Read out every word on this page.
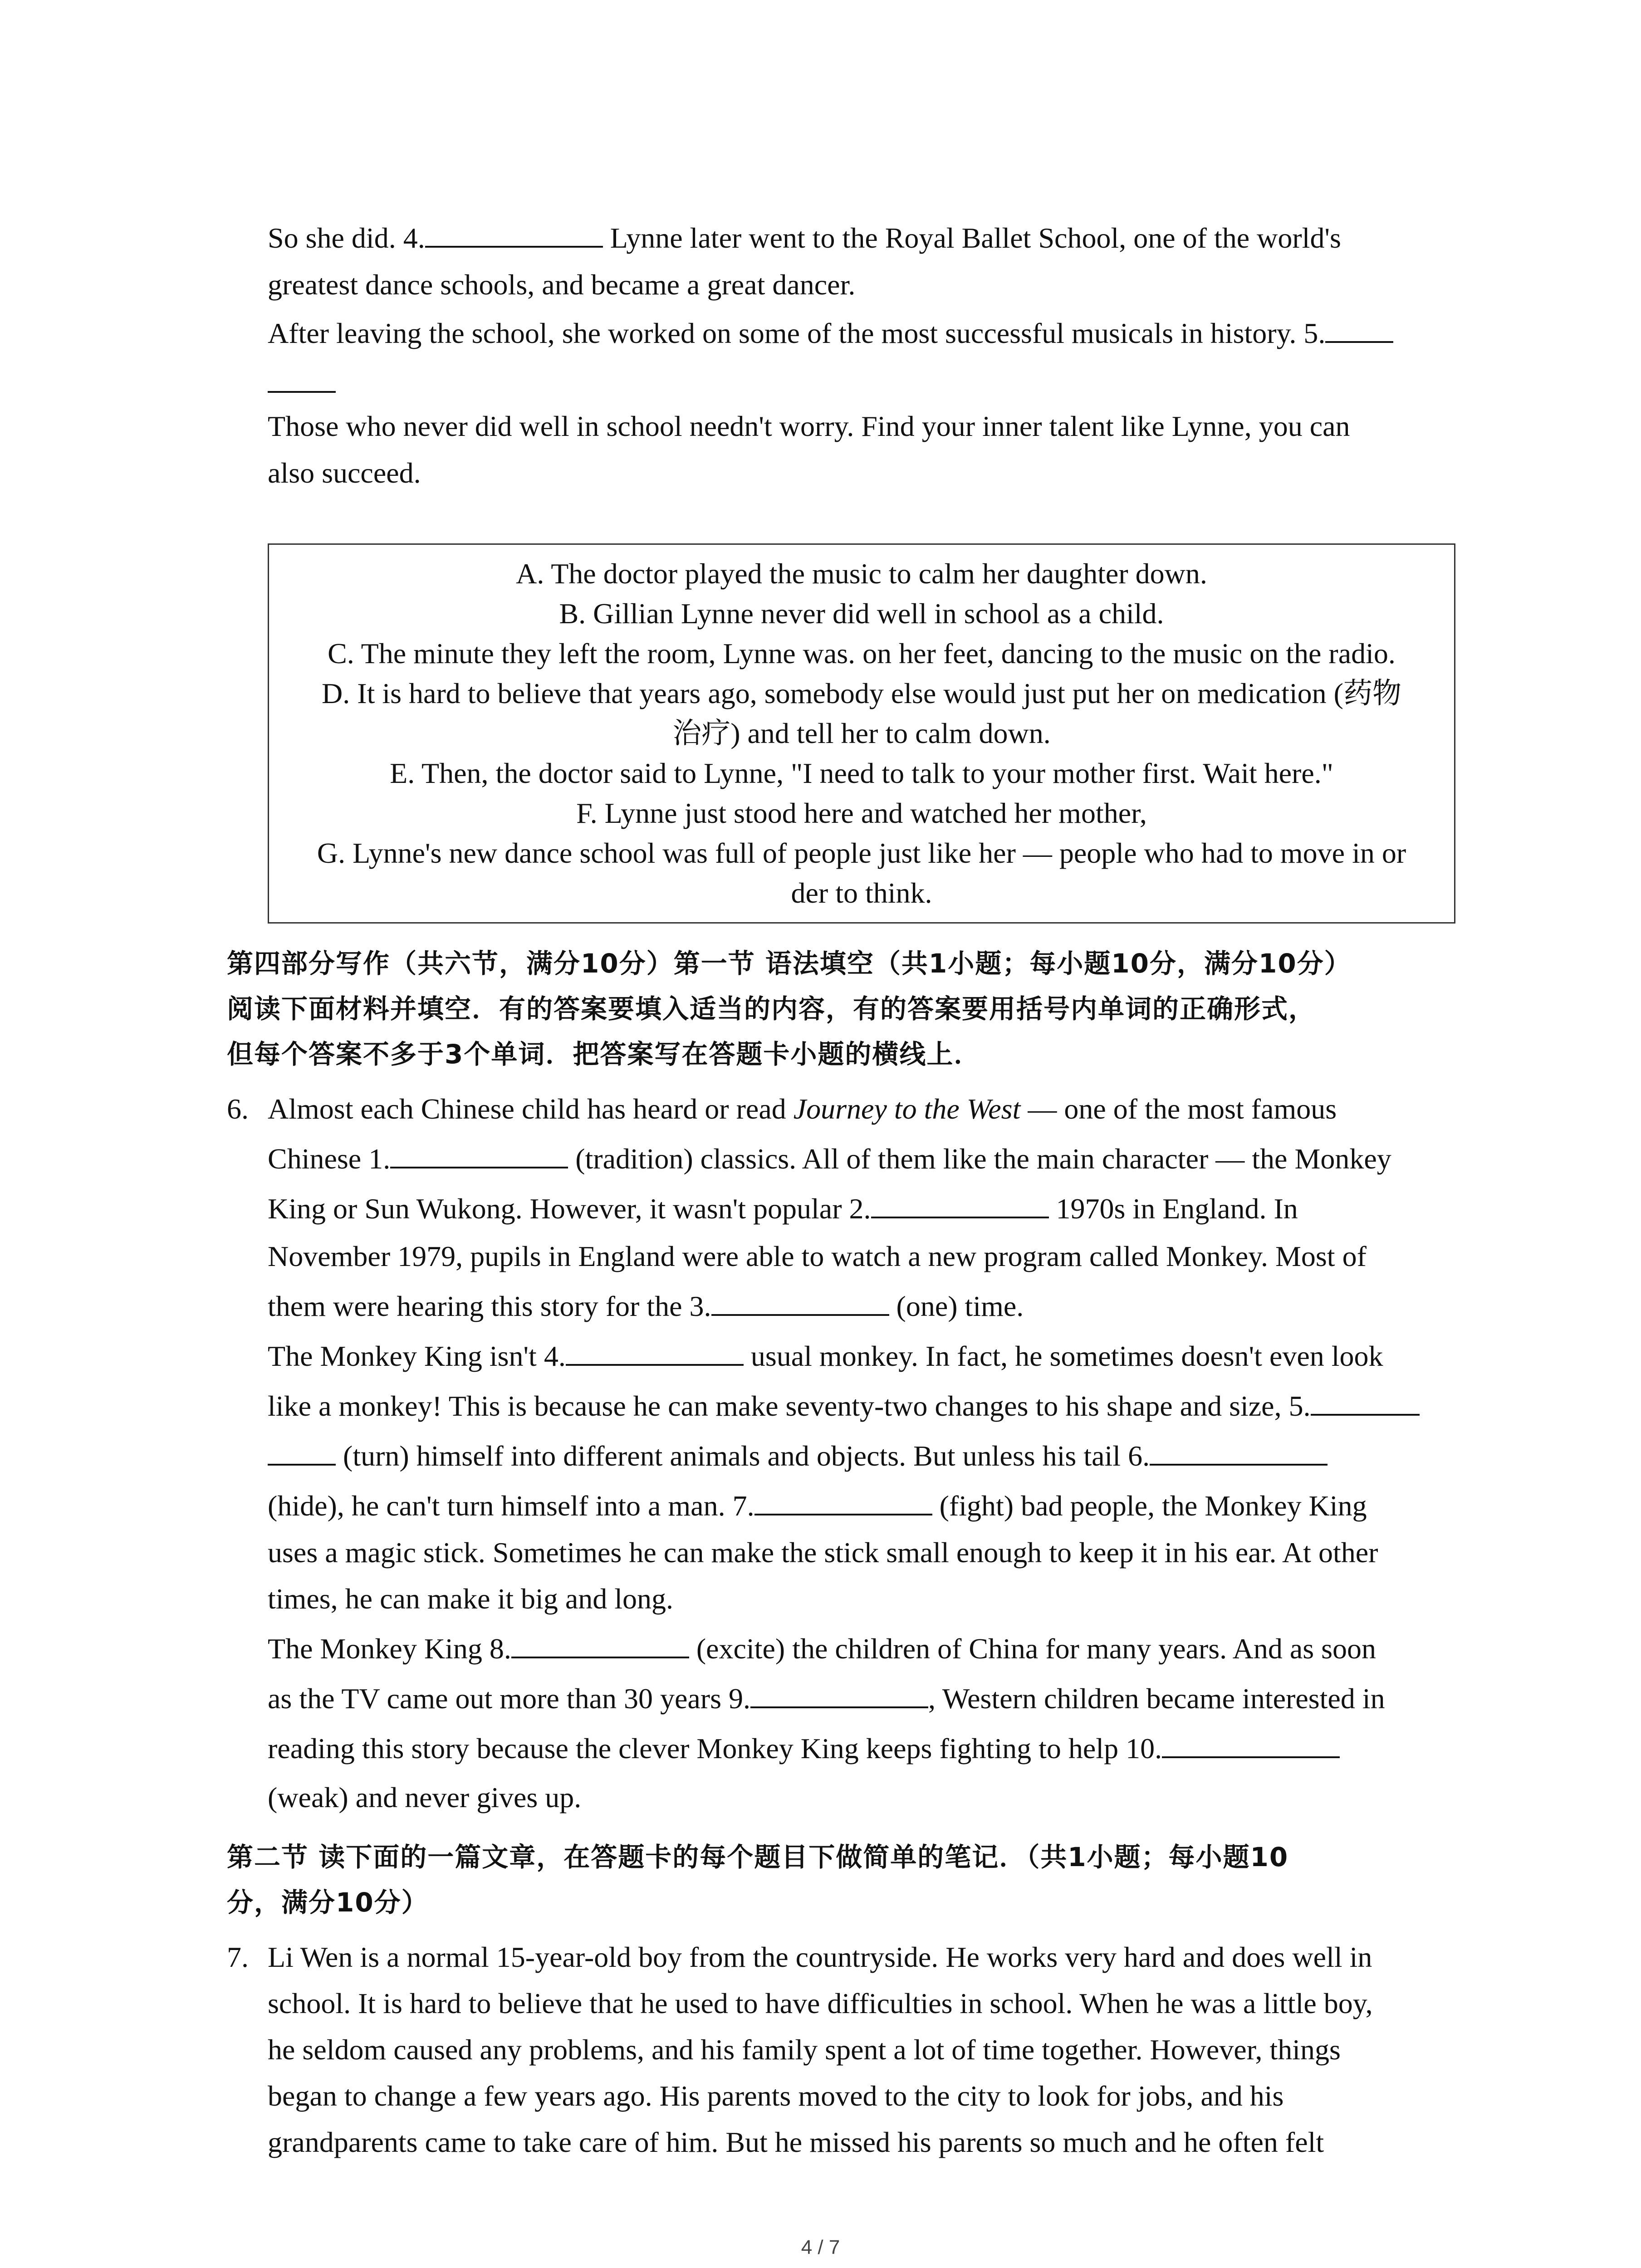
So she did. 4.	Lynne later went to the Royal Ballet School, one of the world's
greatest dance schools, and became a great dancer.
After leaving the school, she worked on some of the most successful musicals in history. 5.
Those who never did well in school needn't worry. Find your inner talent like Lynne, you can
also succeed.
A. The doctor played the music to calm her daughter down.
B. Gillian Lynne never did well in school as a child.
C. The minute they left the room, Lynne was. on her feet, dancing to the music on the radio.
D. It is hard to believe that years ago, somebody else would just put her on medication (药物
治疗) and tell her to calm down.
E. Then, the doctor said to Lynne, "I need to talk to your mother first. Wait here."
F. Lynne just stood here and watched her mother,
G. Lynne's new dance school was full of people just like her — people who had to move in or
der to think.
第四部分写作（共六节，满分10分）第一节 语法填空（共1小题；每小题10分，满分10分）
阅读下面材料并填空．有的答案要填入适当的内容，有的答案要用括号内单词的正确形式，
但每个答案不多于3个单词．把答案写在答题卡小题的横线上．
6. Almost each Chinese child has heard or read Journey to the West — one of the most famous
Chinese 1.	(tradition) classics. All of them like the main character — the Monkey
King or Sun Wukong. However, it wasn't popular 2.	1970s in England. In
November 1979, pupils in England were able to watch a new program called Monkey. Most of
them were hearing this story for the 3.	(one) time.
The Monkey King isn't 4.	usual monkey. In fact, he sometimes doesn't even look
like a monkey! This is because he can make seventy-two changes to his shape and size, 5.
(turn) himself into different animals and objects. But unless his tail 6.
(hide), he can't turn himself into a man. 7.	(fight) bad people, the Monkey King
uses a magic stick. Sometimes he can make the stick small enough to keep it in his ear. At other
times, he can make it big and long.
The Monkey King 8.	(excite) the children of China for many years. And as soon
as the TV came out more than 30 years 9.	, Western children became interested in
reading this story because the clever Monkey King keeps fighting to help 10.
(weak) and never gives up.
第二节 读下面的一篇文章，在答题卡的每个题目下做简单的笔记．（共1小题；每小题10
分，满分10分）
7. Li Wen is a normal 15-year-old boy from the countryside. He works very hard and does well in
school. It is hard to believe that he used to have difficulties in school. When he was a little boy,
he seldom caused any problems, and his family spent a lot of time together. However, things
began to change a few years ago. His parents moved to the city to look for jobs, and his
grandparents came to take care of him. But he missed his parents so much and he often felt
4 / 7
